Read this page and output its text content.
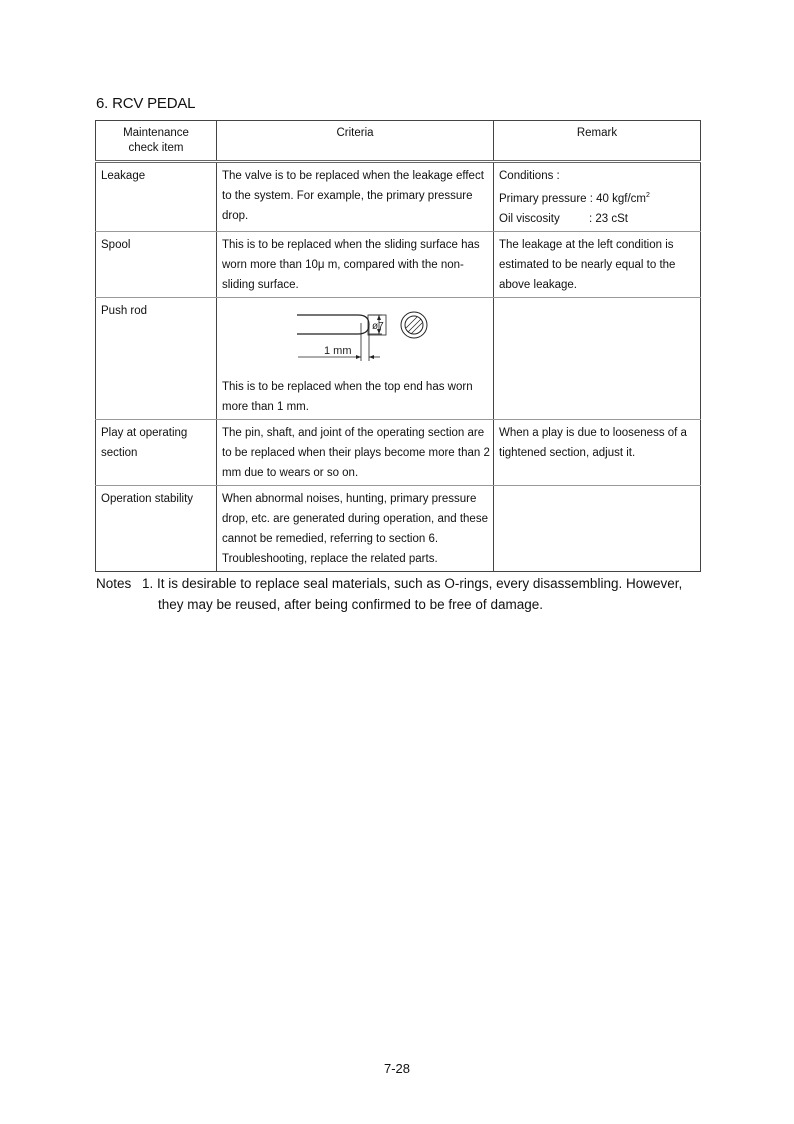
6. RCV PEDAL
Maintenance
check item	Criteria	Remark

Leakage	The valve is to be replaced when the leakage effect
to the system. For example, the primary pressure
drop.	Conditions :
Primary pressure : 40 kgf/$cm^2$
Oil viscosity : 23 cSt

Spool	This is to be replaced when the sliding surface has
worn more than 10μ m, compared with the non-
sliding surface.	The leakage at the left condition is
estimated to be nearly equal to the
above leakage.

Push rod	ø7
1 mm
This is to be replaced when the top end has worn
more than 1 mm.	

Play at operating
section	The pin, shaft, and joint of the operating section are
to be replaced when their plays become more than 2
mm due to wears or so on.	When a play is due to looseness of a
tightened section, adjust it.

Operation stability	When abnormal noises, hunting, primary pressure
drop, etc. are generated during operation, and these
cannot be remedied, referring to section 6.
Troubleshooting, replace the related parts.	

Notes 1. It is desirable to replace seal materials, such as O-rings, every disassembling. However,
they may be reused, after being confirmed to be free of damage.
7-28
